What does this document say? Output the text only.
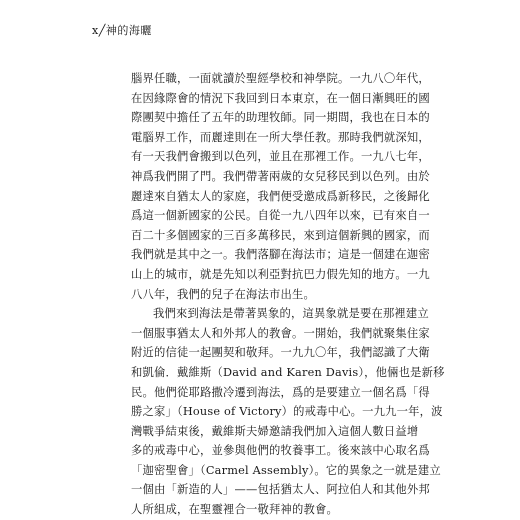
x╱神的海曬
腦界任職，一面就讀於聖經學校和神學院。一九八〇年代，
在因緣際會的情況下我回到日本東京，在一個日漸興旺的國
際團契中擔任了五年的助理牧師。同一期間，我也在日本的
電腦界工作，而麗達則在一所大學任教。那時我們就深知，
有一天我們會搬到以色列，並且在那裡工作。一九八七年，
神爲我們開了門。我們帶著兩歲的女兒移民到以色列。由於
麗達來自猶太人的家庭，我們便受邀成爲新移民，之後歸化
爲這一個新國家的公民。自從一九八四年以來，已有來自一
百二十多個國家的三百多萬移民，來到這個新興的國家，而
我們就是其中之一。我們落腳在海法市；這是一個建在迦密
山上的城市，就是先知以利亞對抗巴力假先知的地方。一九
八八年，我們的兒子在海法市出生。
我們來到海法是帶著異象的，這異象就是要在那裡建立
一個服事猶太人和外邦人的教會。一開始，我們就聚集住家
附近的信徒一起團契和敬拜。一九九〇年，我們認識了大衛
和凱倫．戴維斯（David and Karen Davis），他倆也是新移
民。他們從耶路撒冷遷到海法，爲的是要建立一個名爲「得
勝之家」（House of Victory）的戒毒中心。一九九一年，波
灣戰爭結束後，戴維斯夫婦邀請我們加入這個人數日益增
多的戒毒中心，並參與他們的牧養事工。後來該中心取名爲
「迦密聖會」（Carmel Assembly）。它的異象之一就是建立
一個由「新造的人」——包括猶太人、阿拉伯人和其他外邦
人所組成，在聖靈裡合一敬拜神的教會。
